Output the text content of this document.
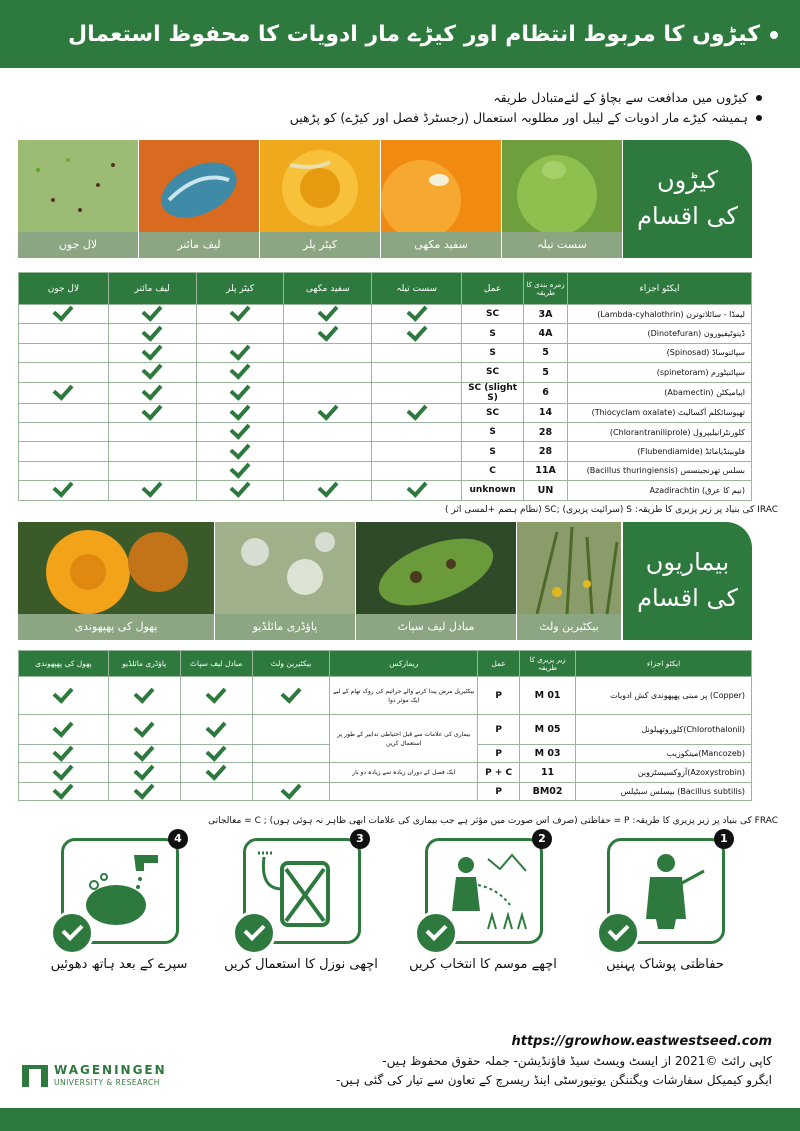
کیڑوں کا مربوط انتظام اور کیڑے مار ادویات کا محفوظ استعمال
کیڑوں میں مدافعت سے بچاؤ کے لئےمتبادل طریقہ
ہمیشہ کیڑے مار ادویات کے لیبل اور مطلوبہ استعمال (رجسٹرڈ فصل اور کیڑے) کو پڑھیں
لال جوں	لیف مائنر	کیٹر پلر	سفید مکھی	سست تیلہ
کیڑوں
کی اقسام
لال جوں	لیف مائنر	کیٹر پلر	سفید مکھی	سست تیلہ	عمل	زمرہ بندی کا طریقہ	ایکٹو اجزاء
					SC	3A	لیمڈا - سائلاتوترن (Lambda-cyhalothrin)
					S	4A	ڈینوٹیفیورون (Dinotefuran)
					S	5	سپائنوساڈ (Spinosad)
					SC	5	سپائنیٹورم (spinetoram)
					SC (slight S)	6	ایبامیکٹن (Abamectin)
					SC	14	تھیوسائکلم آکسالیٹ (Thiocyclam oxalate)
					S	28	کلورنٹرانیلیپرول (Chlorantraniliprole)
					S	28	فلوبینڈیامائڈ (Flubendiamide)
					C	11A	بسلس تھرنجینسس (Bacillus thuringiensis)
					unknown	UN	(نیم کا عرق) Azadirachtin
IRAC کی بنیاد پر زیر پزیری کا طریقہ: S (سرائیت پزیری) ;SC (نظام ہضم +لمسی اثر )
پھول کی پھپھوندی	پاؤڈری مائلڈیو	مبادل لیف سپاٹ	بیکٹیرین ولٹ
بیماریوں
کی اقسام
پھول کی پھپھوندی	پاؤڈری مائلڈیو	مبادل لیف سپاٹ	بیکٹیرین ولٹ	ریمارکس	عمل	زیر پزیری کا طریقہ	ایکٹو اجزاء
				بیکٹیریل مرض پیدا کرنے والے جراثیم کی روک تھام کے لیے ایک موثر دوا	P	M 01	(Copper) پر مبنی پھپھوندی کش ادویات
				بیماری کی علامات سے قبل احتیاطی تدابیر کے طور پر استعمال کریں	P	M 05	(Chlorothalonil)کلوروتھیلونل
					P	M 03	(Mancozeb)مینکوزیب
				ایک فصل کے دوران زیادہ سے زیادہ دو بار	P + C	11	(Azoxystrobin)آزوکسیسٹروبن
					P	BM02	(Bacillus subtilis) بیسلس سبٹیلس
FRAC کی بنیاد پر زیر پزیری کا طریقہ: P = حفاظتی (صرف اس صورت میں مؤثر ہے جب بیماری کی علامات ابھی ظاہر نہ ہوئی ہوں) ; C = معالجاتی
1
حفاظتی پوشاک پہنیں
2
اچھے موسم کا انتخاب کریں
3
اچھی نوزل کا استعمال کریں
4
سپرے کے بعد ہاتھ دھوئیں
https://growhow.eastwestseed.com
کاپی رائٹ ©2021 از ایسٹ ویسٹ سیڈ فاؤنڈیشن- جملہ حقوق محفوظ ہیں-
ایگرو کیمیکل سفارشات ویگننگن یونیورسٹی اینڈ ریسرچ کے تعاون سے تیار کی گئی ہیں-
WAGENINGEN
UNIVERSITY & RESEARCH
